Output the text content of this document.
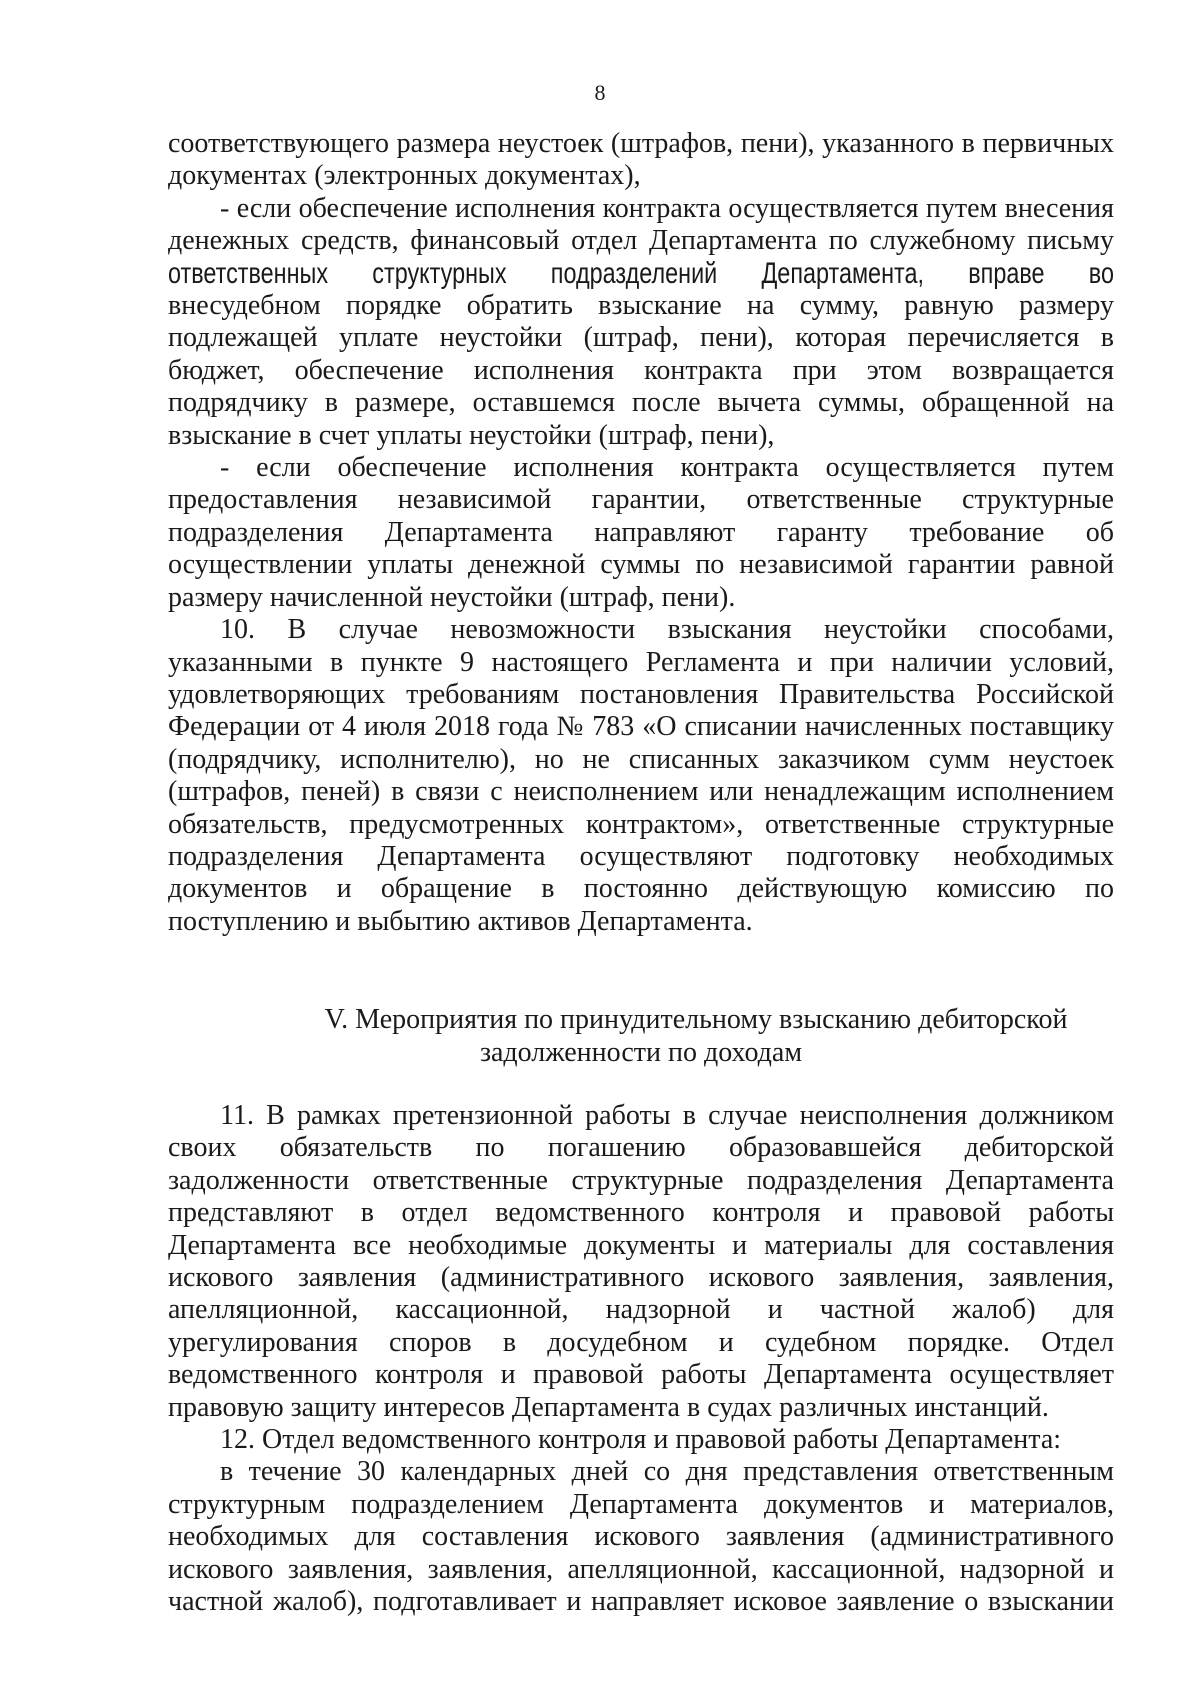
8
соответствующего размера неустоек (штрафов, пени), указанного в первичных
документах (электронных документах),
- если обеспечение исполнения контракта осуществляется путем внесения
денежных средств, финансовый отдел Департамента по служебному письму
ответственных структурных подразделений Департамента, вправе во
внесудебном порядке обратить взыскание на сумму, равную размеру
подлежащей уплате неустойки (штраф, пени), которая перечисляется в
бюджет, обеспечение исполнения контракта при этом возвращается
подрядчику в размере, оставшемся после вычета суммы, обращенной на
взыскание в счет уплаты неустойки (штраф, пени),
- если обеспечение исполнения контракта осуществляется путем
предоставления независимой гарантии, ответственные структурные
подразделения Департамента направляют гаранту требование об
осуществлении уплаты денежной суммы по независимой гарантии равной
размеру начисленной неустойки (штраф, пени).
10. В случае невозможности взыскания неустойки способами,
указанными в пункте 9 настоящего Регламента и при наличии условий,
удовлетворяющих требованиям постановления Правительства Российской
Федерации от 4 июля 2018 года № 783 «О списании начисленных поставщику
(подрядчику, исполнителю), но не списанных заказчиком сумм неустоек
(штрафов, пеней) в связи с неисполнением или ненадлежащим исполнением
обязательств, предусмотренных контрактом», ответственные структурные
подразделения Департамента осуществляют подготовку необходимых
документов и обращение в постоянно действующую комиссию по
поступлению и выбытию активов Департамента.
V. Мероприятия по принудительному взысканию дебиторской
задолженности по доходам
11. В рамках претензионной работы в случае неисполнения должником
своих обязательств по погашению образовавшейся дебиторской
задолженности ответственные структурные подразделения Департамента
представляют в отдел ведомственного контроля и правовой работы
Департамента все необходимые документы и материалы для составления
искового заявления (административного искового заявления, заявления,
апелляционной, кассационной, надзорной и частной жалоб) для
урегулирования споров в досудебном и судебном порядке. Отдел
ведомственного контроля и правовой работы Департамента осуществляет
правовую защиту интересов Департамента в судах различных инстанций.
12. Отдел ведомственного контроля и правовой работы Департамента:
в течение 30 календарных дней со дня представления ответственным
структурным подразделением Департамента документов и материалов,
необходимых для составления искового заявления (административного
искового заявления, заявления, апелляционной, кассационной, надзорной и
частной жалоб), подготавливает и направляет исковое заявление о взыскании
